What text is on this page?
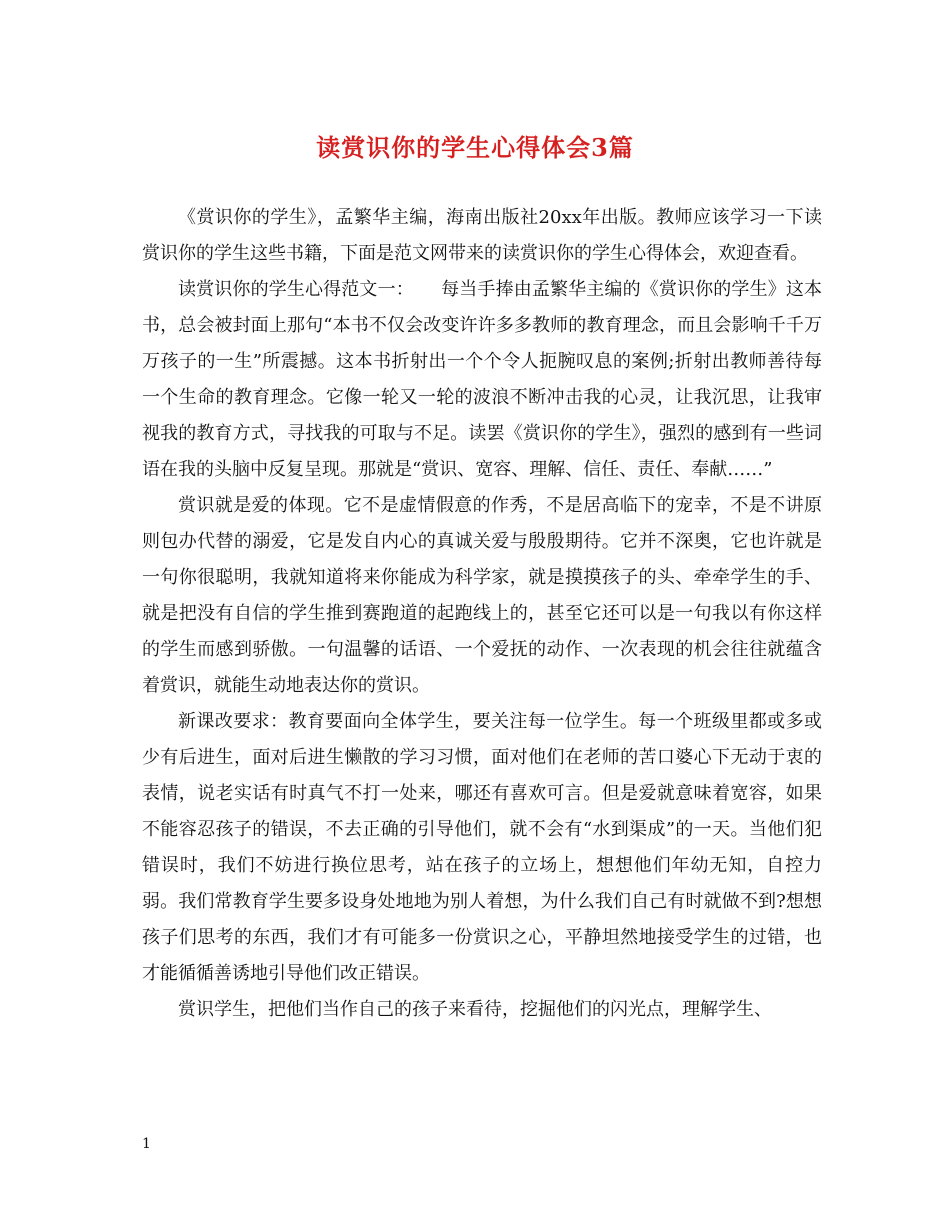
读赏识你的学生心得体会3篇

《赏识你的学生》，孟繁华主编，海南出版社20xx年出版。教师应该学习一下读赏识你的学生这些书籍，下面是范文网带来的读赏识你的学生心得体会，欢迎查看。

读赏识你的学生心得范文一：　　每当手捧由孟繁华主编的《赏识你的学生》这本书，总会被封面上那句“本书不仅会改变许许多多教师的教育理念，而且会影响千千万万孩子的一生”所震撼。这本书折射出一个个令人扼腕叹息的案例;折射出教师善待每一个生命的教育理念。它像一轮又一轮的波浪不断冲击我的心灵，让我沉思，让我审视我的教育方式，寻找我的可取与不足。读罢《赏识你的学生》，强烈的感到有一些词语在我的头脑中反复呈现。那就是“赏识、宽容、理解、信任、责任、奉献……”

赏识就是爱的体现。它不是虚情假意的作秀，不是居高临下的宠幸，不是不讲原则包办代替的溺爱，它是发自内心的真诚关爱与殷殷期待。它并不深奥，它也许就是一句你很聪明，我就知道将来你能成为科学家，就是摸摸孩子的头、牵牵学生的手、就是把没有自信的学生推到赛跑道的起跑线上的，甚至它还可以是一句我以有你这样的学生而感到骄傲。一句温馨的话语、一个爱抚的动作、一次表现的机会往往就蕴含着赏识，就能生动地表达你的赏识。

新课改要求：教育要面向全体学生，要关注每一位学生。每一个班级里都或多或少有后进生，面对后进生懒散的学习习惯，面对他们在老师的苦口婆心下无动于衷的表情，说老实话有时真气不打一处来，哪还有喜欢可言。但是爱就意味着宽容，如果不能容忍孩子的错误，不去正确的引导他们，就不会有“水到渠成”的一天。当他们犯错误时，我们不妨进行换位思考，站在孩子的立场上，想想他们年幼无知，自控力弱。我们常教育学生要多设身处地地为别人着想，为什么我们自己有时就做不到?想想孩子们思考的东西，我们才有可能多一份赏识之心，平静坦然地接受学生的过错，也才能循循善诱地引导他们改正错误。

赏识学生，把他们当作自己的孩子来看待，挖掘他们的闪光点，理解学生、

1
